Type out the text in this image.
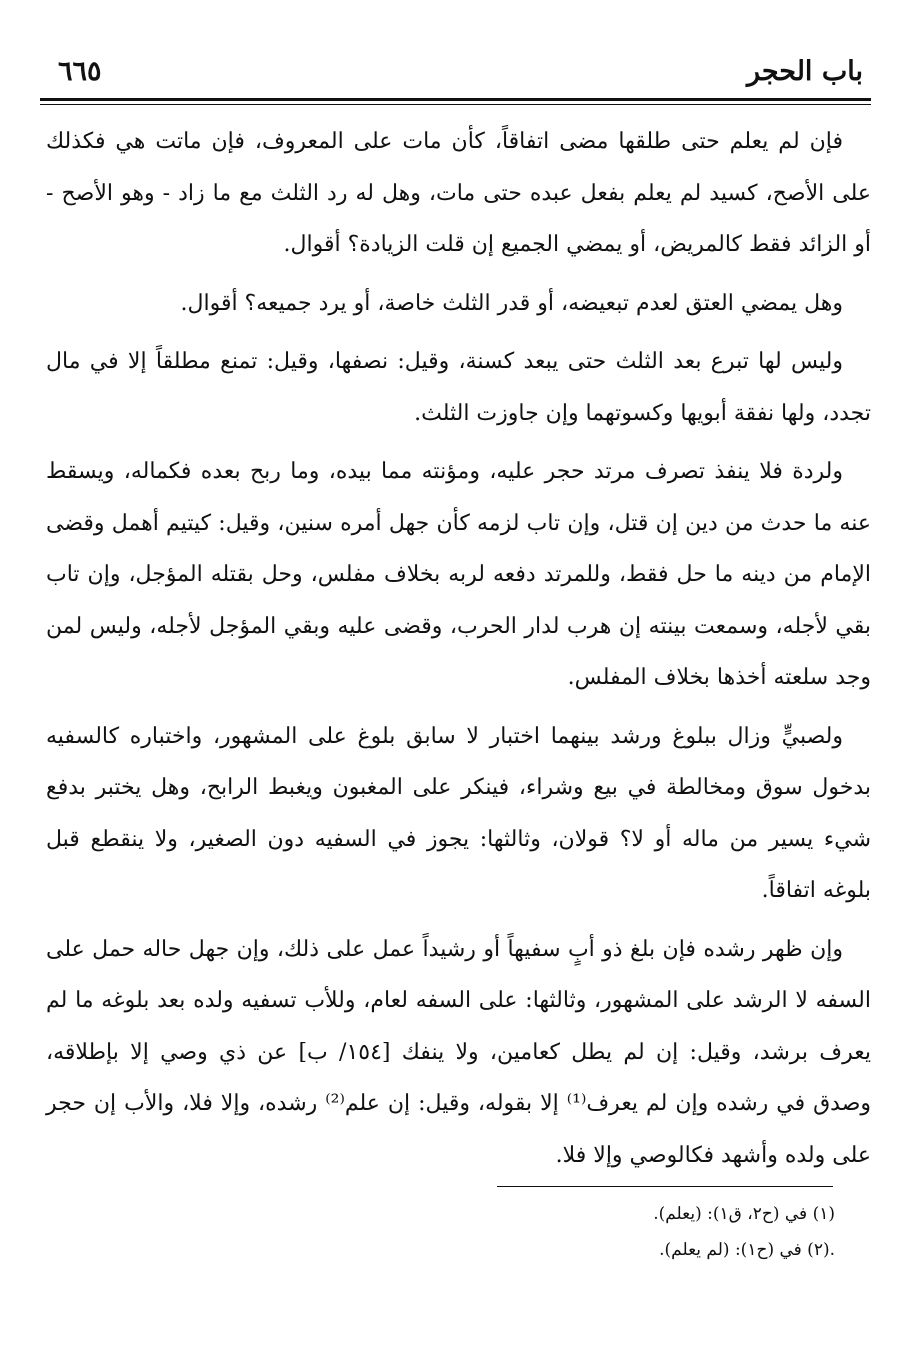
باب الحجر
٦٦٥

فإن لم يعلم حتى طلقها مضى اتفاقاً، كأن مات على المعروف، فإن ماتت هي فكذلك على الأصح، كسيد لم يعلم بفعل عبده حتى مات، وهل له رد الثلث مع ما زاد - وهو الأصح - أو الزائد فقط كالمريض، أو يمضي الجميع إن قلت الزيادة؟ أقوال.

وهل يمضي العتق لعدم تبعيضه، أو قدر الثلث خاصة، أو يرد جميعه؟ أقوال.

وليس لها تبرع بعد الثلث حتى يبعد كسنة، وقيل: نصفها، وقيل: تمنع مطلقاً إلا في مال تجدد، ولها نفقة أبويها وكسوتهما وإن جاوزت الثلث.

ولردة فلا ينفذ تصرف مرتد حجر عليه، ومؤنته مما بيده، وما ربح بعده فكماله، ويسقط عنه ما حدث من دين إن قتل، وإن تاب لزمه كأن جهل أمره سنين، وقيل: كيتيم أهمل وقضى الإمام من دينه ما حل فقط، وللمرتد دفعه لربه بخلاف مفلس، وحل بقتله المؤجل، وإن تاب بقي لأجله، وسمعت بينته إن هرب لدار الحرب، وقضى عليه وبقي المؤجل لأجله، وليس لمن وجد سلعته أخذها بخلاف المفلس.

ولصبيٍّ وزال ببلوغ ورشد بينهما اختبار لا سابق بلوغ على المشهور، واختباره كالسفيه بدخول سوق ومخالطة في بيع وشراء، فينكر على المغبون ويغبط الرابح، وهل يختبر بدفع شيء يسير من ماله أو لا؟ قولان، وثالثها: يجوز في السفيه دون الصغير، ولا ينقطع قبل بلوغه اتفاقاً.

وإن ظهر رشده فإن بلغ ذو أبٍ سفيهاً أو رشيداً عمل على ذلك، وإن جهل حاله حمل على السفه لا الرشد على المشهور، وثالثها: على السفه لعام، وللأب تسفيه ولده بعد بلوغه ما لم يعرف برشد، وقيل: إن لم يطل كعامين، ولا ينفك [١٥٤/ ب] عن ذي وصي إلا بإطلاقه، وصدق في رشده وإن لم يعرف⁽¹⁾ إلا بقوله، وقيل: إن علم⁽²⁾ رشده، وإلا فلا، والأب إن حجر على ولده وأشهد فكالوصي وإلا فلا.

(١) في (ح٢، ق١): (يعلم).

.(٢) في (ح١): (لم يعلم).
